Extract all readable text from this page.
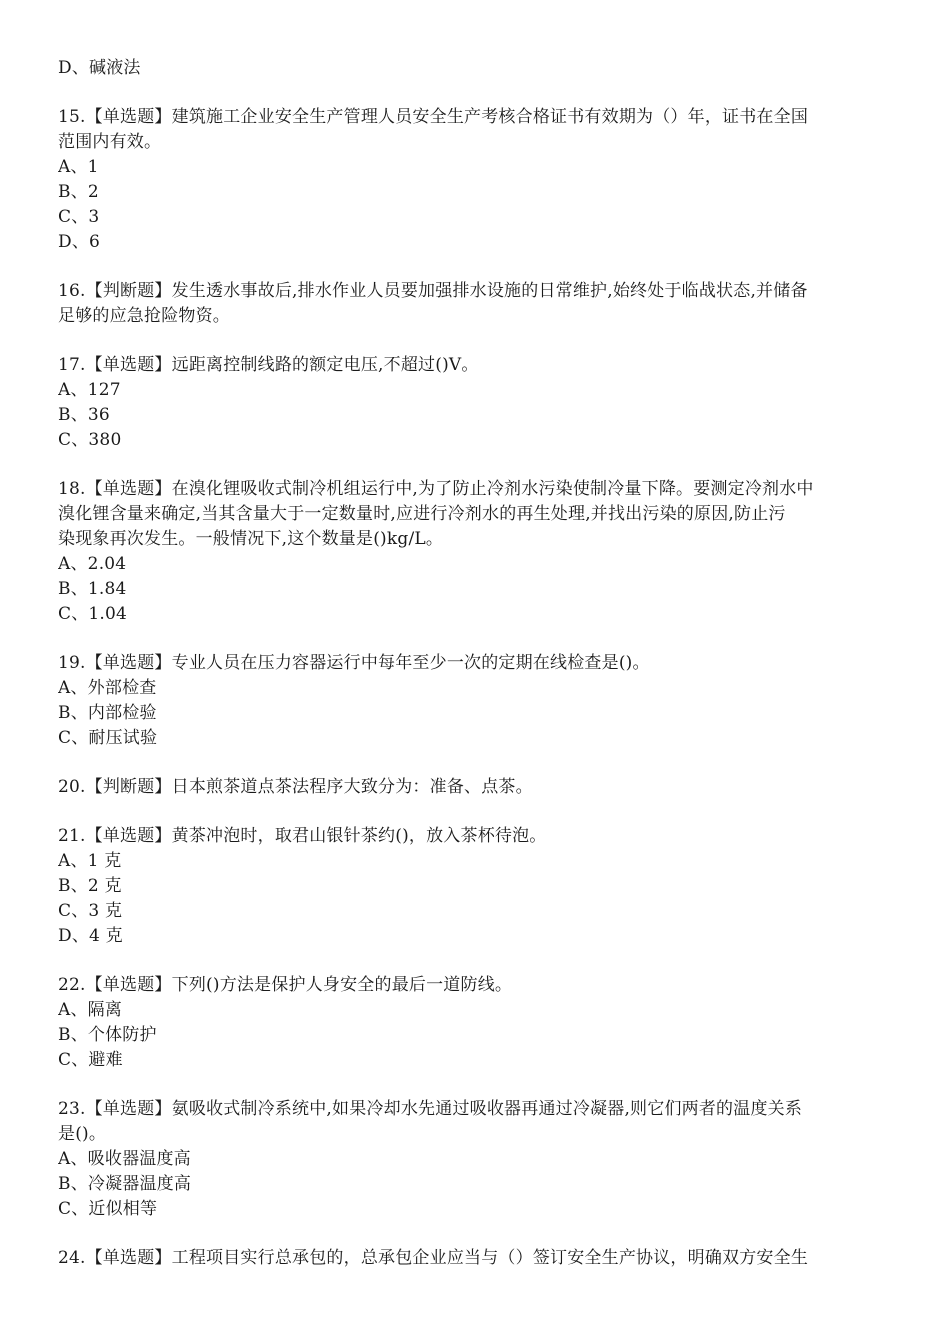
D、碱液法
15.【单选题】建筑施工企业安全生产管理人员安全生产考核合格证书有效期为（）年，证书在全国
范围内有效。
A、1
B、2
C、3
D、6
16.【判断题】发生透水事故后,排水作业人员要加强排水设施的日常维护,始终处于临战状态,并储备
足够的应急抢险物资。
17.【单选题】远距离控制线路的额定电压,不超过()V。
A、127
B、36
C、380
18.【单选题】在溴化锂吸收式制冷机组运行中,为了防止冷剂水污染使制冷量下降。要测定冷剂水中
溴化锂含量来确定,当其含量大于一定数量时,应进行冷剂水的再生处理,并找出污染的原因,防止污
染现象再次发生。一般情况下,这个数量是()kg/L。
A、2.04
B、1.84
C、1.04
19.【单选题】专业人员在压力容器运行中每年至少一次的定期在线检查是()。
A、外部检查
B、内部检验
C、耐压试验
20.【判断题】日本煎茶道点茶法程序大致分为：准备、点茶。
21.【单选题】黄茶冲泡时，取君山银针茶约()，放入茶杯待泡。
A、1 克
B、2 克
C、3 克
D、4 克
22.【单选题】下列()方法是保护人身安全的最后一道防线。
A、隔离
B、个体防护
C、避难
23.【单选题】氨吸收式制冷系统中,如果冷却水先通过吸收器再通过冷凝器,则它们两者的温度关系
是()。
A、吸收器温度高
B、冷凝器温度高
C、近似相等
24.【单选题】工程项目实行总承包的，总承包企业应当与（）签订安全生产协议，明确双方安全生
